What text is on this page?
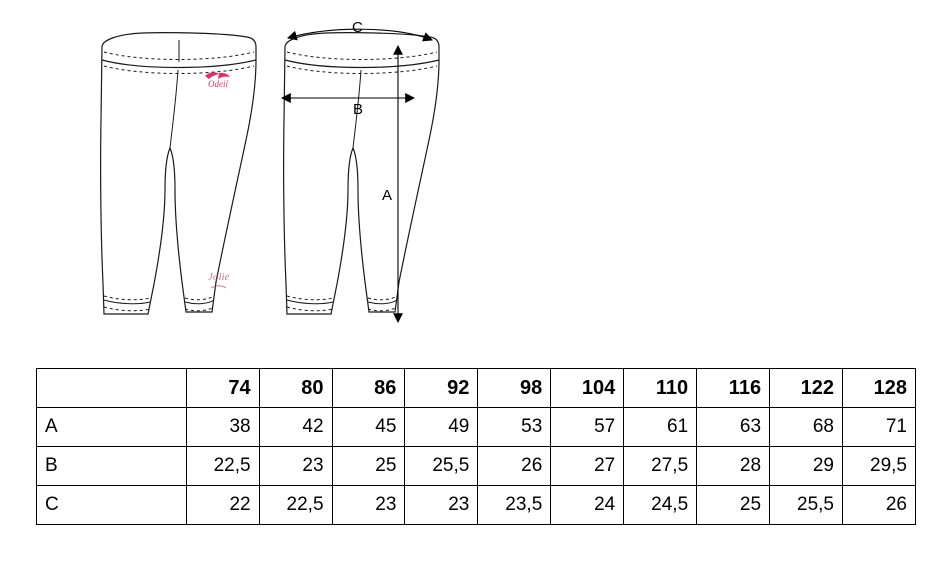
Odeil
Jolie
C
B
A
	74	80	86	92	98	104	110	116	122	128
A	38	42	45	49	53	57	61	63	68	71
B	22,5	23	25	25,5	26	27	27,5	28	29	29,5
C	22	22,5	23	23	23,5	24	24,5	25	25,5	26
